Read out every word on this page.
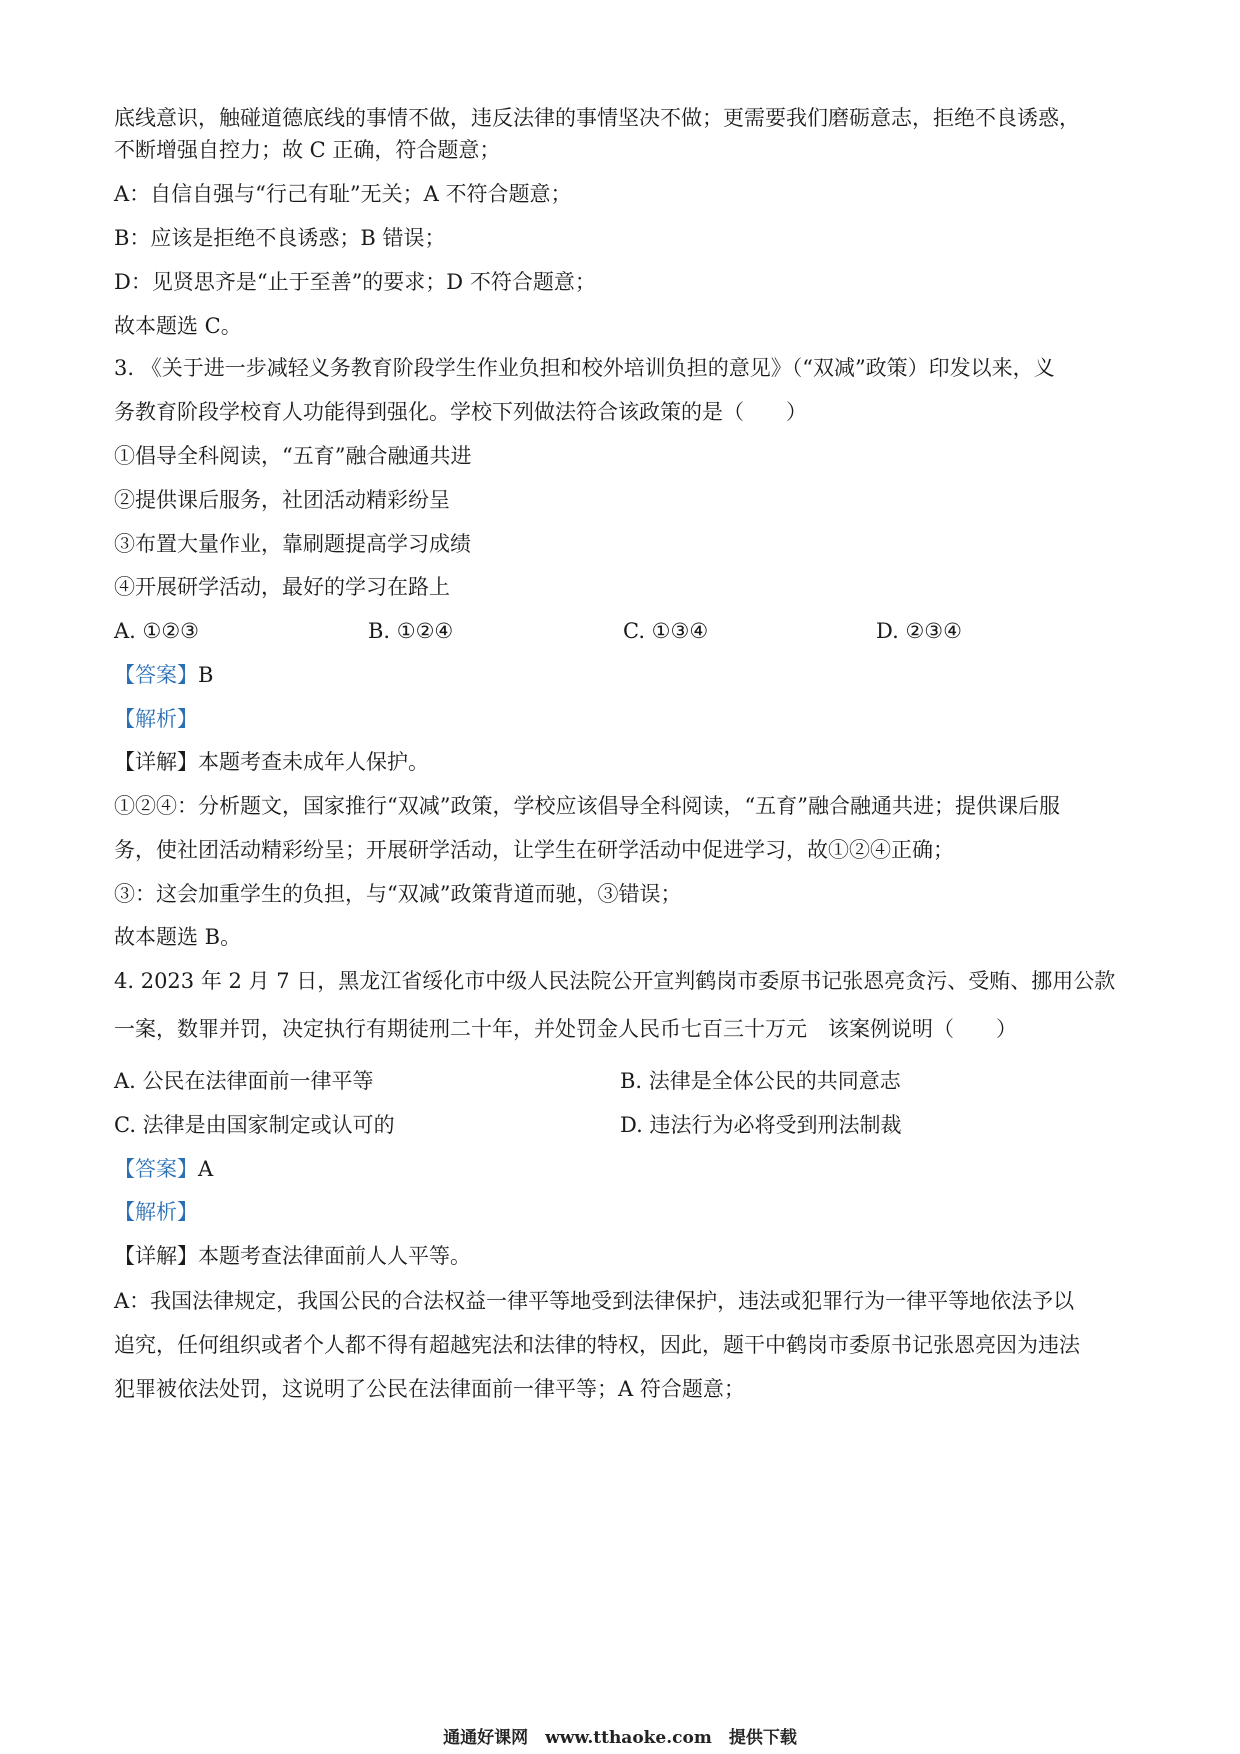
底线意识，触碰道德底线的事情不做，违反法律的事情坚决不做；更需要我们磨砺意志，拒绝不良诱惑，
不断增强自控力；故 C 正确，符合题意；
A：自信自强与“行己有耻”无关；A 不符合题意；
B：应该是拒绝不良诱惑；B 错误；
D：见贤思齐是“止于至善”的要求；D 不符合题意；
故本题选 C。
3. 《关于进一步减轻义务教育阶段学生作业负担和校外培训负担的意见》（“双减”政策）印发以来，义
务教育阶段学校育人功能得到强化。学校下列做法符合该政策的是（　　）
①倡导全科阅读，“五育”融合融通共进
②提供课后服务，社团活动精彩纷呈
③布置大量作业，靠刷题提高学习成绩
④开展研学活动，最好的学习在路上
A. ①②③	B. ①②④	C. ①③④	D. ②③④
【答案】B
【解析】
【详解】本题考查未成年人保护。
①②④：分析题文，国家推行“双减”政策，学校应该倡导全科阅读，“五育”融合融通共进；提供课后服
务，使社团活动精彩纷呈；开展研学活动，让学生在研学活动中促进学习，故①②④正确；
③：这会加重学生的负担，与“双减”政策背道而驰，③错误；
故本题选 B。
4. 2023 年 2 月 7 日，黑龙江省绥化市中级人民法院公开宣判鹤岗市委原书记张恩亮贪污、受贿、挪用公款
一案，数罪并罚，决定执行有期徒刑二十年，并处罚金人民币七百三十万元　该案例说明（　　）
A. 公民在法律面前一律平等	B. 法律是全体公民的共同意志
C. 法律是由国家制定或认可的	D. 违法行为必将受到刑法制裁
【答案】A
【解析】
【详解】本题考查法律面前人人平等。
A：我国法律规定，我国公民的合法权益一律平等地受到法律保护，违法或犯罪行为一律平等地依法予以
追究，任何组织或者个人都不得有超越宪法和法律的特权，因此，题干中鹤岗市委原书记张恩亮因为违法
犯罪被依法处罚，这说明了公民在法律面前一律平等；A 符合题意；
通通好课网　www.tthaoke.com　提供下载
